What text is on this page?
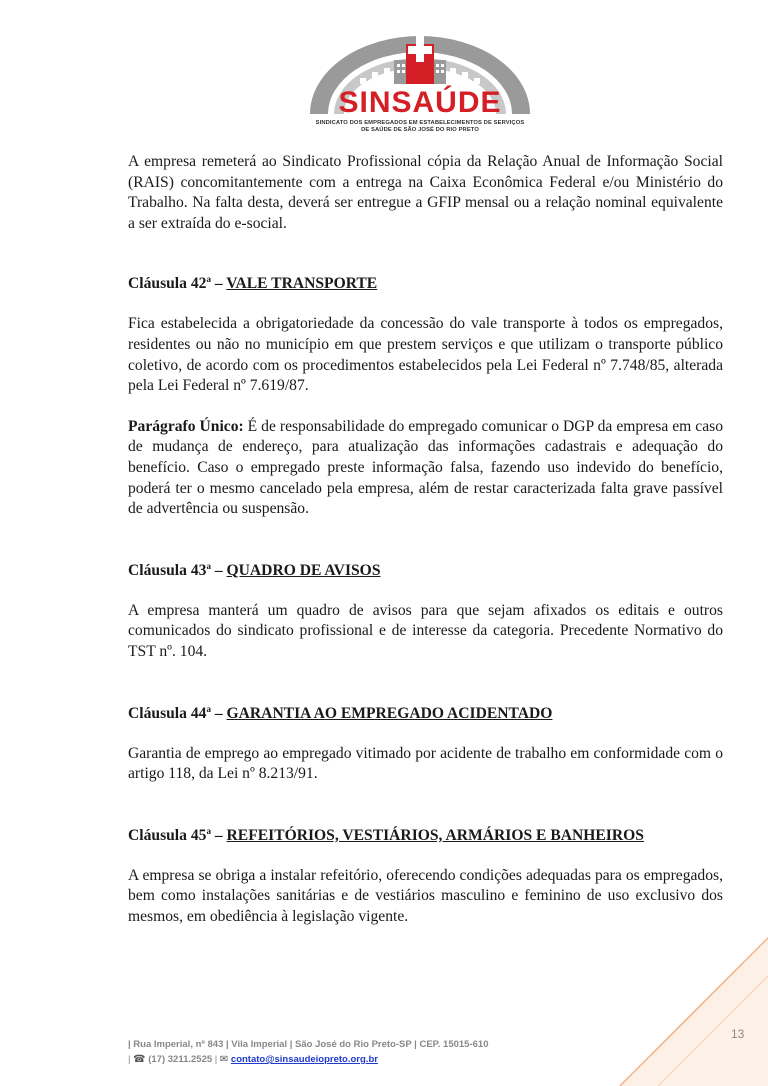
SINSAÚDE
SINDICATO DOS EMPREGADOS EM ESTABELECIMENTOS DE SERVIÇOS
DE SAÚDE DE SÃO JOSÉ DO RIO PRETO

A empresa remeterá ao Sindicato Profissional cópia da Relação Anual de Informação Social (RAIS) concomitantemente com a entrega na Caixa Econômica Federal e/ou Ministério do Trabalho. Na falta desta, deverá ser entregue a GFIP mensal ou a relação nominal equivalente a ser extraída do e-social.

Cláusula 42$^a$ – VALE TRANSPORTE

Fica estabelecida a obrigatoriedade da concessão do vale transporte à todos os empregados, residentes ou não no município em que prestem serviços e que utilizam o transporte público coletivo, de acordo com os procedimentos estabelecidos pela Lei Federal nº 7.748/85, alterada pela Lei Federal nº 7.619/87.

Parágrafo Único: É de responsabilidade do empregado comunicar o DGP da empresa em caso de mudança de endereço, para atualização das informações cadastrais e adequação do benefício. Caso o empregado preste informação falsa, fazendo uso indevido do benefício, poderá ter o mesmo cancelado pela empresa, além de restar caracterizada falta grave passível de advertência ou suspensão.

Cláusula 43$^a$ – QUADRO DE AVISOS

A empresa manterá um quadro de avisos para que sejam afixados os editais e outros comunicados do sindicato profissional e de interesse da categoria. Precedente Normativo do TST nº. 104.

Cláusula 44$^a$ – GARANTIA AO EMPREGADO ACIDENTADO

Garantia de emprego ao empregado vitimado por acidente de trabalho em conformidade com o artigo 118, da Lei nº 8.213/91.

Cláusula 45$^a$ – REFEITÓRIOS, VESTIÁRIOS, ARMÁRIOS E BANHEIROS

A empresa se obriga a instalar refeitório, oferecendo condições adequadas para os empregados, bem como instalações sanitárias e de vestiários masculino e feminino de uso exclusivo dos mesmos, em obediência à legislação vigente.

13
| Rua Imperial, nº 843 | Vila Imperial | São José do Rio Preto-SP | CEP. 15015-610
| ☎ (17) 3211.2525 | ✉ contato@sinsaudeiopreto.org.br
